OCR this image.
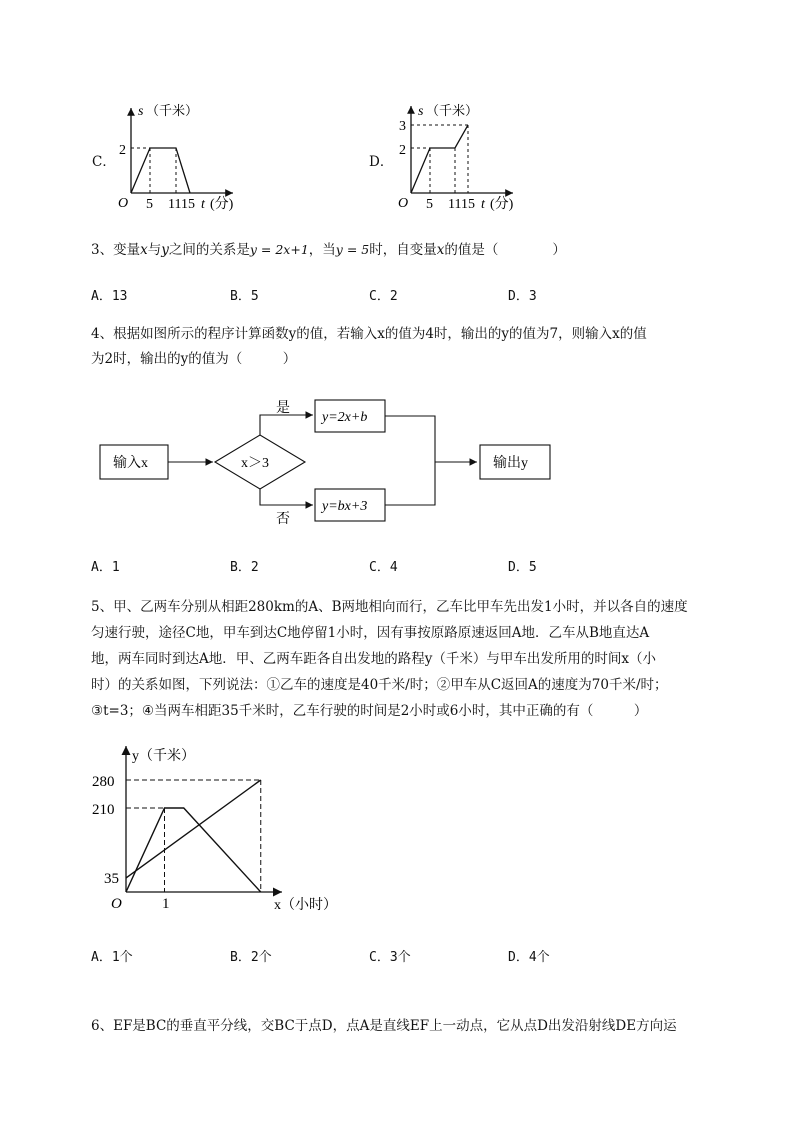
C．
s （千米）
2
O 5 1115 t (分)
D．
s （千米）
3
2
O 5 1115 t (分)
3、变量x与y之间的关系是y = 2x+1，当y = 5时，自变量x的值是（　　　　）
A．13	B．5	C．2	D．3
4、根据如图所示的程序计算函数y的值，若输入x的值为4时，输出的y的值为7，则输入x的值
为2时，输出的y的值为（　　　）
输入x	x＞3
是
y=2x+b
否
y=bx+3
输出y
A．1	B．2	C．4	D．5
5、甲、乙两车分别从相距280km的A、B两地相向而行，乙车比甲车先出发1小时，并以各自的速度
匀速行驶，途径C地，甲车到达C地停留1小时，因有事按原路原速返回A地．乙车从B地直达A
地，两车同时到达A地．甲、乙两车距各自出发地的路程y（千米）与甲车出发所用的时间x（小
时）的关系如图，下列说法：①乙车的速度是40千米/时；②甲车从C返回A的速度为70千米/时；
③t=3；④当两车相距35千米时，乙车行驶的时间是2小时或6小时，其中正确的有（　　　）
y（千米）
x（小时）
O
280
210
35
1
A．1个	B．2个	C．3个	D．4个
6、EF是BC的垂直平分线，交BC于点D，点A是直线EF上一动点，它从点D出发沿射线DE方向运
